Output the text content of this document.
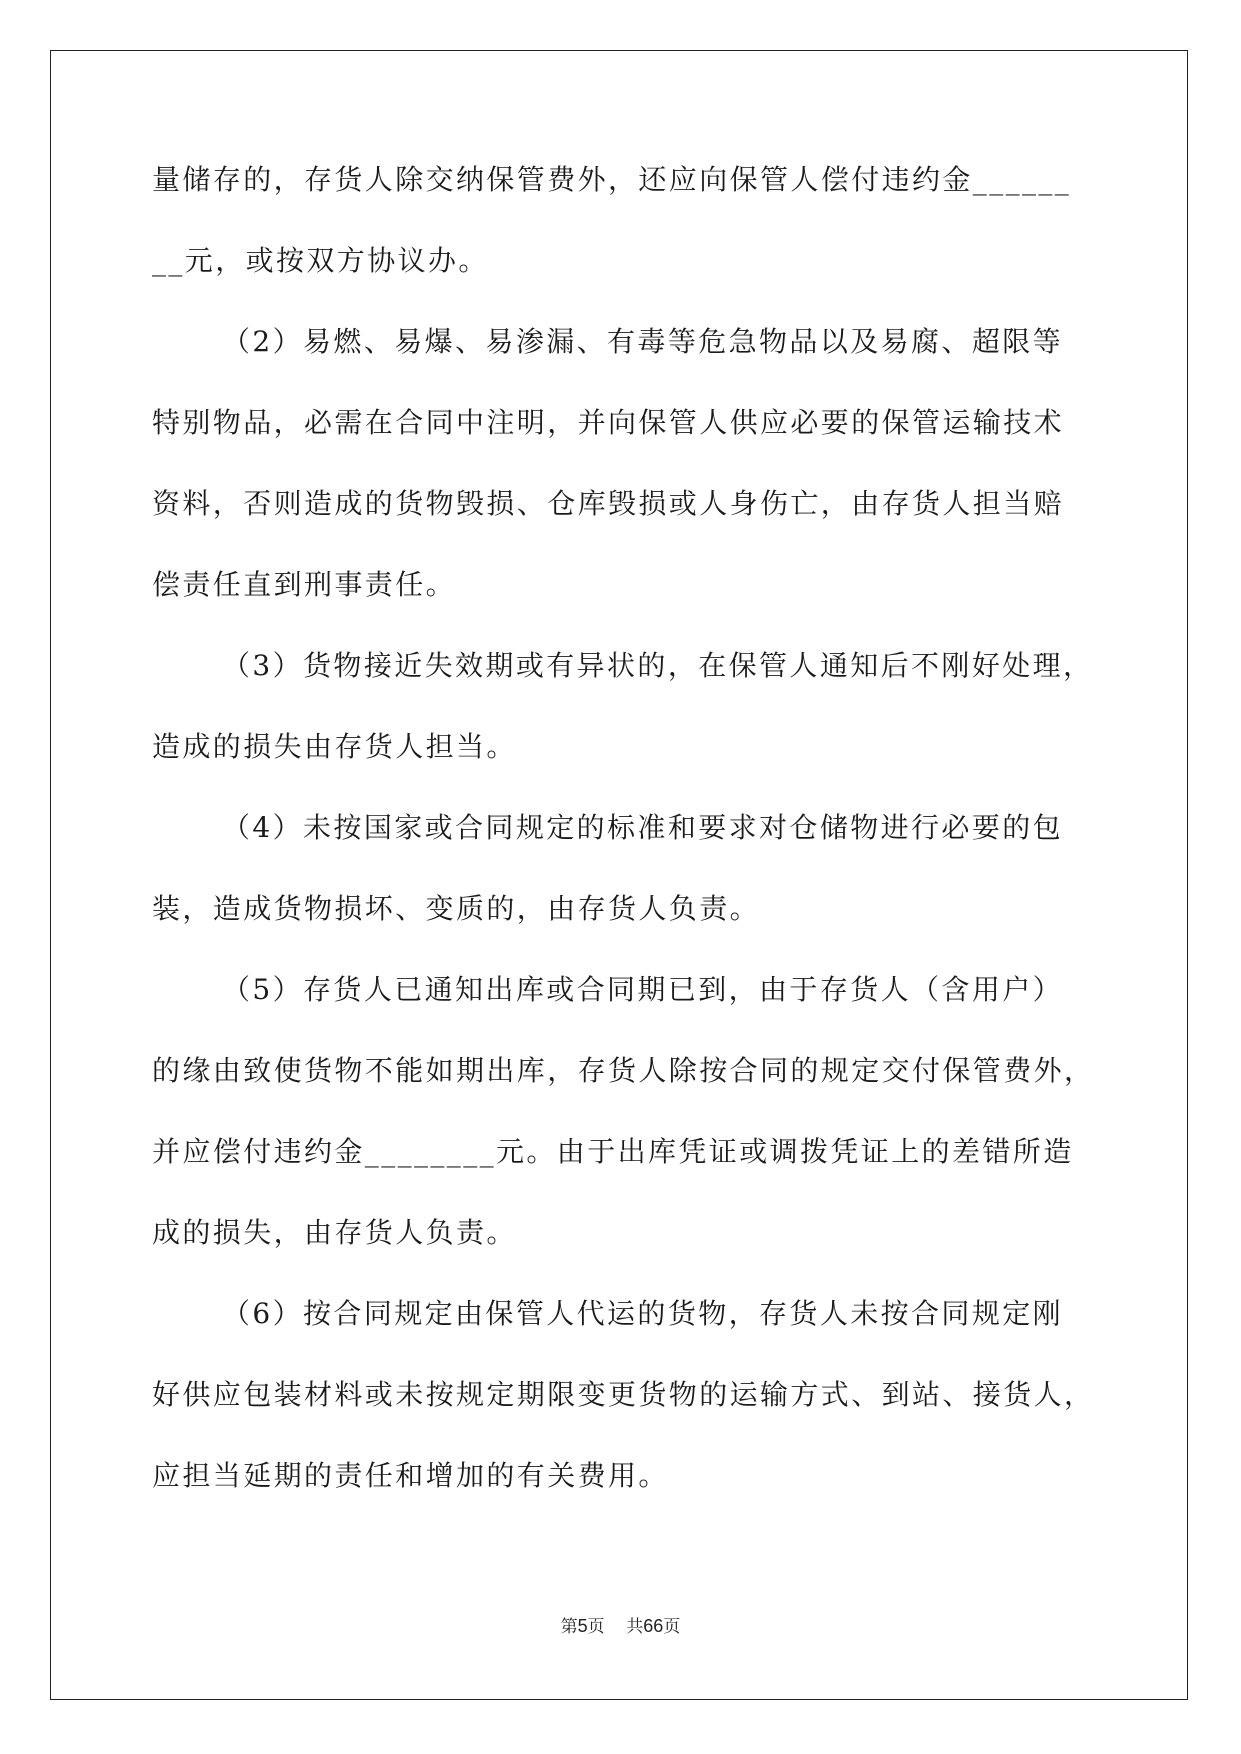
量储存的，存货人除交纳保管费外，还应向保管人偿付违约金______
__元，或按双方协议办。
（2）易燃、易爆、易渗漏、有毒等危急物品以及易腐、超限等
特别物品，必需在合同中注明，并向保管人供应必要的保管运输技术
资料，否则造成的货物毁损、仓库毁损或人身伤亡，由存货人担当赔
偿责任直到刑事责任。
（3）货物接近失效期或有异状的，在保管人通知后不刚好处理，
造成的损失由存货人担当。
（4）未按国家或合同规定的标准和要求对仓储物进行必要的包
装，造成货物损坏、变质的，由存货人负责。
（5）存货人已通知出库或合同期已到，由于存货人（含用户）
的缘由致使货物不能如期出库，存货人除按合同的规定交付保管费外，
并应偿付违约金________元。由于出库凭证或调拨凭证上的差错所造
成的损失，由存货人负责。
（6）按合同规定由保管人代运的货物，存货人未按合同规定刚
好供应包装材料或未按规定期限变更货物的运输方式、到站、接货人，
应担当延期的责任和增加的有关费用。
第5页 共66页
